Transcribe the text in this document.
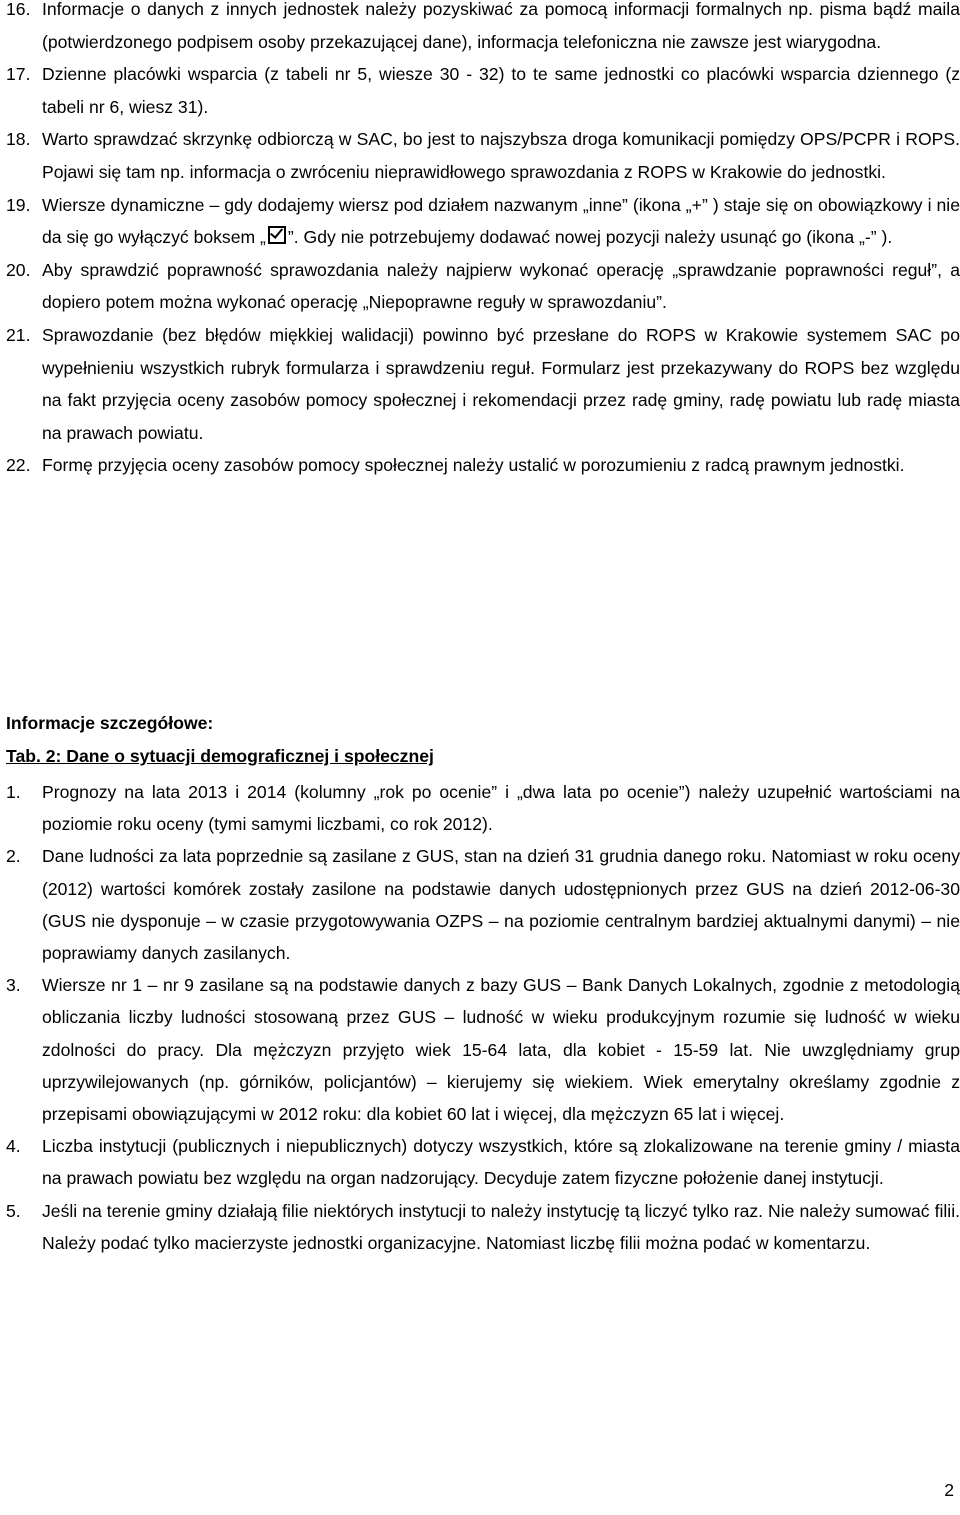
16. Informacje o danych z innych jednostek należy pozyskiwać za pomocą informacji formalnych np. pisma bądź maila (potwierdzonego podpisem osoby przekazującej dane), informacja telefoniczna nie zawsze jest wiarygodna.
17. Dzienne placówki wsparcia (z tabeli nr 5, wiesze 30 - 32) to te same jednostki co placówki wsparcia dziennego (z tabeli nr 6, wiesz 31).
18. Warto sprawdzać skrzynkę odbiorczą w SAC, bo jest to najszybsza droga komunikacji pomiędzy OPS/PCPR i ROPS. Pojawi się tam np. informacja o zwróceniu nieprawidłowego sprawozdania z ROPS w Krakowie do jednostki.
19. Wiersze dynamiczne – gdy dodajemy wiersz pod działem nazwanym „inne” (ikona „+” ) staje się on obowiązkowy i nie da się go wyłączyć boksem „ ”. Gdy nie potrzebujemy dodawać nowej pozycji należy usunąć go (ikona „-” ).
20. Aby sprawdzić poprawność sprawozdania należy najpierw wykonać operację „sprawdzanie poprawności reguł”, a dopiero potem można wykonać operację „Niepoprawne reguły w sprawozdaniu”.
21. Sprawozdanie (bez błędów miękkiej walidacji) powinno być przesłane do ROPS w Krakowie systemem SAC po wypełnieniu wszystkich rubryk formularza i sprawdzeniu reguł. Formularz jest przekazywany do ROPS bez względu na fakt przyjęcia oceny zasobów pomocy społecznej i rekomendacji przez radę gminy, radę powiatu lub radę miasta na prawach powiatu.
22. Formę przyjęcia oceny zasobów pomocy społecznej należy ustalić w porozumieniu z radcą prawnym jednostki.
Informacje szczegółowe:
Tab. 2: Dane o sytuacji demograficznej i społecznej
1. Prognozy na lata 2013 i 2014 (kolumny „rok po ocenie” i „dwa lata po ocenie”) należy uzupełnić wartościami na poziomie roku oceny (tymi samymi liczbami, co rok 2012).
2. Dane ludności za lata poprzednie są zasilane z GUS, stan na dzień 31 grudnia danego roku. Natomiast w roku oceny (2012) wartości komórek zostały zasilone na podstawie danych udostępnionych przez GUS na dzień 2012-06-30 (GUS nie dysponuje – w czasie przygotowywania OZPS – na poziomie centralnym bardziej aktualnymi danymi) – nie poprawiamy danych zasilanych.
3. Wiersze nr 1 – nr 9 zasilane są na podstawie danych z bazy GUS – Bank Danych Lokalnych, zgodnie z metodologią obliczania liczby ludności stosowaną przez GUS – ludność w wieku produkcyjnym rozumie się ludność w wieku zdolności do pracy. Dla mężczyzn przyjęto wiek 15-64 lata, dla kobiet - 15-59 lat. Nie uwzględniamy grup uprzywilejowanych (np. górników, policjantów) – kierujemy się wiekiem. Wiek emerytalny określamy zgodnie z przepisami obowiązującymi w 2012 roku: dla kobiet 60 lat i więcej, dla mężczyzn 65 lat i więcej.
4. Liczba instytucji (publicznych i niepublicznych) dotyczy wszystkich, które są zlokalizowane na terenie gminy / miasta na prawach powiatu bez względu na organ nadzorujący. Decyduje zatem fizyczne położenie danej instytucji.
5. Jeśli na terenie gminy działają filie niektórych instytucji to należy instytucję tą liczyć tylko raz. Nie należy sumować filii. Należy podać tylko macierzyste jednostki organizacyjne. Natomiast liczbę filii można podać w komentarzu.
2
